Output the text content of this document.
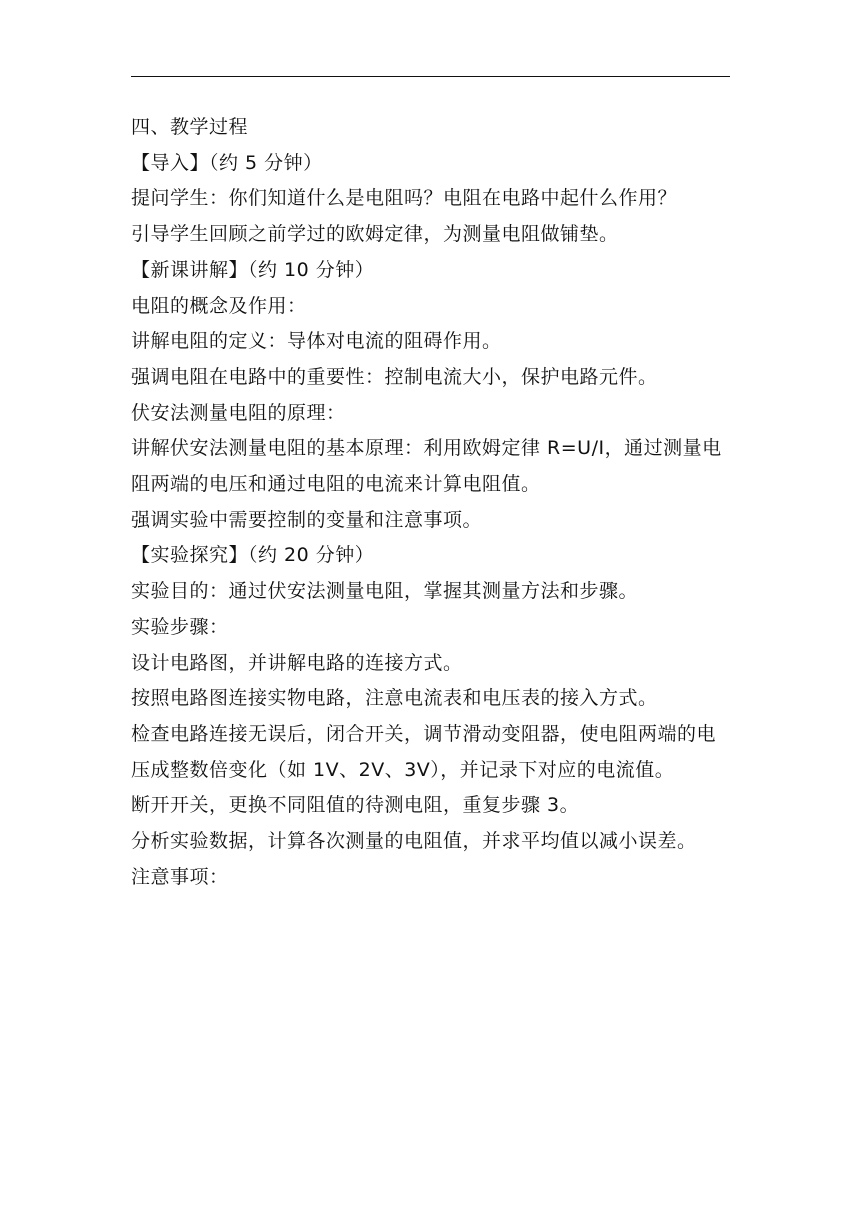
四、教学过程

【导入】（约 5 分钟）

提问学生：你们知道什么是电阻吗？电阻在电路中起什么作用？

引导学生回顾之前学过的欧姆定律，为测量电阻做铺垫。

【新课讲解】（约 10 分钟）

电阻的概念及作用：

讲解电阻的定义：导体对电流的阻碍作用。

强调电阻在电路中的重要性：控制电流大小，保护电路元件。

伏安法测量电阻的原理：

讲解伏安法测量电阻的基本原理：利用欧姆定律 R=U/I，通过测量电阻两端的电压和通过电阻的电流来计算电阻值。

强调实验中需要控制的变量和注意事项。

【实验探究】（约 20 分钟）

实验目的：通过伏安法测量电阻，掌握其测量方法和步骤。

实验步骤：

设计电路图，并讲解电路的连接方式。

按照电路图连接实物电路，注意电流表和电压表的接入方式。

检查电路连接无误后，闭合开关，调节滑动变阻器，使电阻两端的电压成整数倍变化（如 1V、2V、3V），并记录下对应的电流值。

断开开关，更换不同阻值的待测电阻，重复步骤 3。

分析实验数据，计算各次测量的电阻值，并求平均值以减小误差。

注意事项：
